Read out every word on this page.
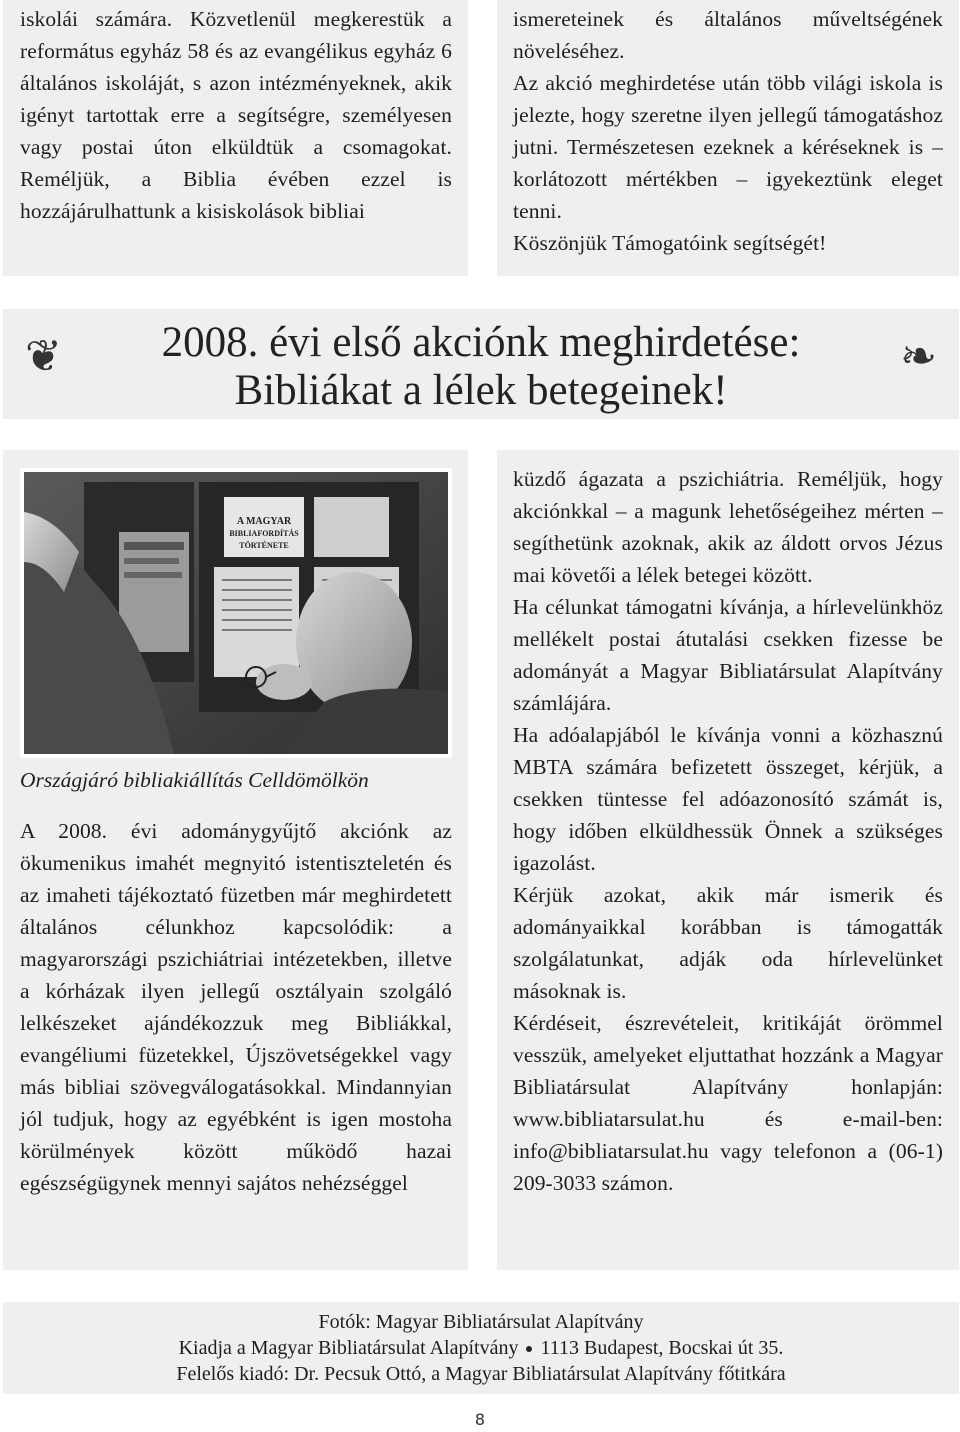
iskolái számára. Közvetlenül megkerestük a református egyház 58 és az evangélikus egyház 6 általános iskoláját, s azon intézményeknek, akik igényt tartottak erre a segítségre, személyesen vagy postai úton elküldtük a csomagokat. Reméljük, a Biblia évében ezzel is hozzájárulhattunk a kisiskolások bibliai

ismereteinek és általános műveltségének növeléséhez.

Az akció meghirdetése után több világi iskola is jelezte, hogy szeretne ilyen jellegű támogatáshoz jutni. Természetesen ezeknek a kéréseknek is – korlátozott mértékben – igyekeztünk eleget tenni.

Köszönjük Támogatóink segítségét!

❦	2008. évi első akciónk meghirdetése:
Bibliákat a lélek betegeinek!
❧
A MAGYAR
BIBLIAFORDÍTÁS
TÖRTÉNETE
Országjáró bibliakiállítás Celldömölkön

A 2008. évi adománygyűjtő akciónk az ökumenikus imahét megnyitó istentiszteletén és az imaheti tájékoztató füzetben már meghirdetett általános célunkhoz kapcsolódik: a magyarországi pszichiátriai intézetekben, illetve a kórházak ilyen jellegű osztályain szolgáló lelkészeket ajándékozzuk meg Bibliákkal, evangéliumi füzetekkel, Újszövetségekkel vagy más bibliai szövegválogatásokkal. Mindannyian jól tudjuk, hogy az egyébként is igen mostoha körülmények között működő hazai egészségügynek mennyi sajátos nehézséggel

küzdő ágazata a pszichiátria. Reméljük, hogy akciónkkal – a magunk lehetőségeihez mérten – segíthetünk azoknak, akik az áldott orvos Jézus mai követői a lélek betegei között.

Ha célunkat támogatni kívánja, a hírlevelünkhöz mellékelt postai átutalási csekken fizesse be adományát a Magyar Bibliatársulat Alapítvány számlájára.

Ha adóalapjából le kívánja vonni a közhasznú MBTA számára befizetett összeget, kérjük, a csekken tüntesse fel adóazonosító számát is, hogy időben elküldhessük Önnek a szükséges igazolást.

Kérjük azokat, akik már ismerik és adományaikkal korábban is támogatták szolgálatunkat, adják oda hírlevelünket másoknak is.

Kérdéseit, észrevételeit, kritikáját örömmel vesszük, amelyeket eljuttathat hozzánk a Magyar Bibliatársulat Alapítvány honlapján: www.bibliatarsulat.hu és e-mail-ben: info@bibliatarsulat.hu vagy telefonon a (06-1) 209-3033 számon.

Fotók: Magyar Bibliatársulat Alapítvány
Kiadja a Magyar Bibliatársulat Alapítvány 1113 Budapest, Bocskai út 35.
Felelős kiadó: Dr. Pecsuk Ottó, a Magyar Bibliatársulat Alapítvány főtitkára
8
